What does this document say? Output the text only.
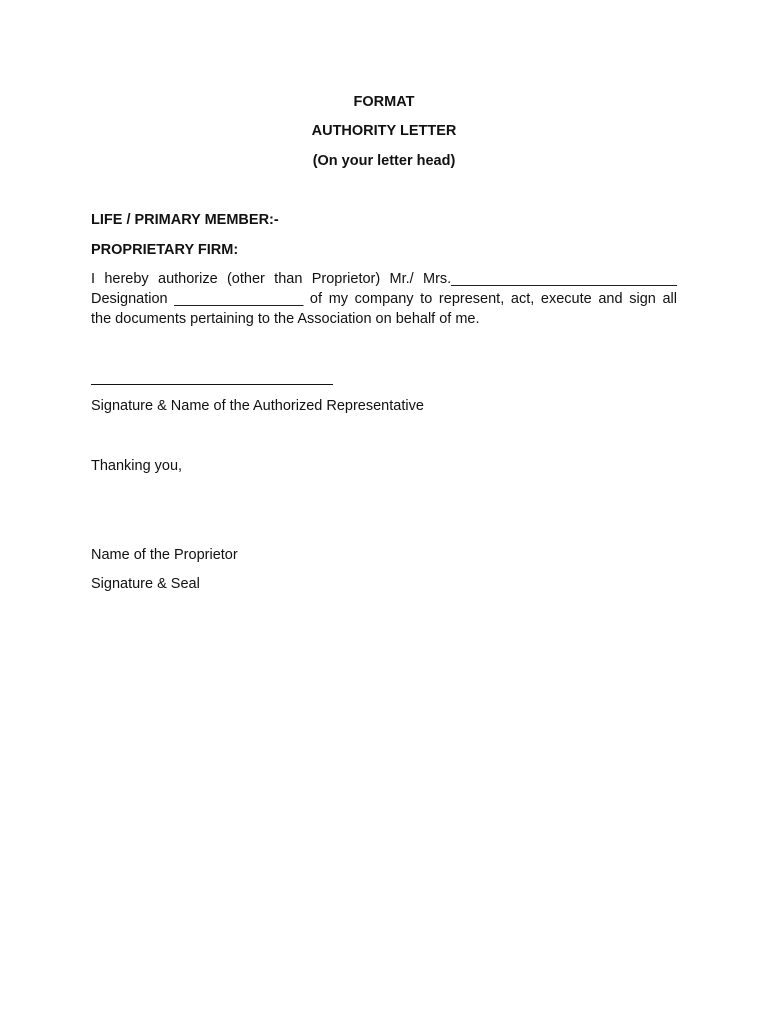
FORMAT
AUTHORITY LETTER
(On your letter head)
LIFE / PRIMARY MEMBER:-
PROPRIETARY FIRM:
I hereby authorize (other than Proprietor) Mr./ Mrs.____________________________
Designation ________________ of my company to represent, act, execute and sign all
the documents pertaining to the Association on behalf of me.
Signature & Name of the Authorized Representative
Thanking you,
Name of the Proprietor
Signature & Seal
